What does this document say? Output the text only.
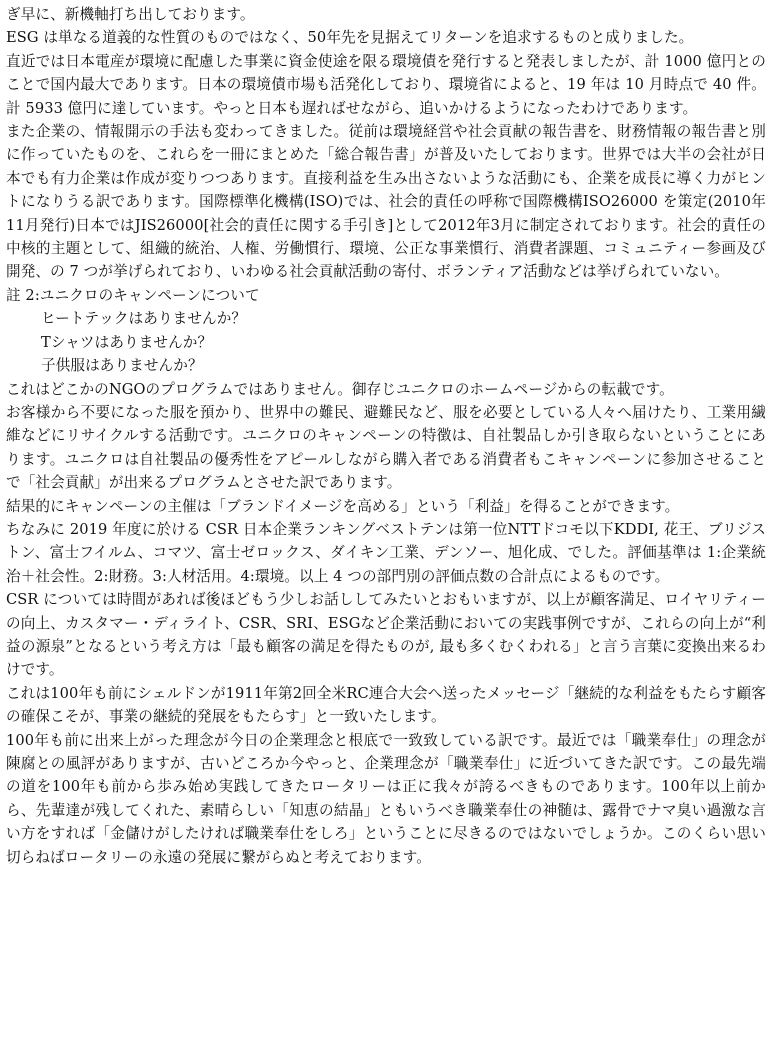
ぎ早に、新機軸打ち出しております。

ESG は単なる道義的な性質のものではなく、50年先を見据えてリターンを追求するものと成りました。

直近では日本電産が環境に配慮した事業に資金使途を限る環境債を発行すると発表しましたが、計 1000 億円とのことで国内最大であります。日本の環境債市場も活発化しており、環境省によると、19 年は 10 月時点で 40 件。計 5933 億円に達しています。やっと日本も遅ればせながら、追いかけるようになったわけであります。

また企業の、情報開示の手法も変わってきました。従前は環境経営や社会貢献の報告書を、財務情報の報告書と別に作っていたものを、これらを一冊にまとめた「総合報告書」が普及いたしております。世界では大半の会社が日本でも有力企業は作成が変りつつあります。直接利益を生み出さないような活動にも、企業を成長に導く力がヒントになりうる訳であります。国際標準化機構(ISO)では、社会的責任の呼称で国際機構ISO26000 を策定(2010年11月発行)日本ではJIS26000[社会的責任に関する手引き]として2012年3月に制定されております。社会的責任の中核的主題として、組織的統治、人権、労働慣行、環境、公正な事業慣行、消費者課題、コミュニティー参画及び開発、の 7 つが挙げられており、いわゆる社会貢献活動の寄付、ボランティア活動などは挙げられていない。

註 2:ユニクロのキャンペーンについて

ヒートテックはありませんか？

Tシャツはありませんか？

子供服はありませんか？

これはどこかのNGOのプログラムではありません。御存じユニクロのホームページからの転載です。

お客様から不要になった服を預かり、世界中の難民、避難民など、服を必要としている人々へ届けたり、工業用繊維などにリサイクルする活動です。ユニクロのキャンペーンの特徴は、自社製品しか引き取らないということにあります。ユニクロは自社製品の優秀性をアピールしながら購入者である消費者もこキャンペーンに参加させることで「社会貢献」が出来るプログラムとさせた訳であります。

結果的にキャンペーンの主催は「ブランドイメージを高める」という「利益」を得ることができます。

ちなみに 2019 年度に於ける CSR 日本企業ランキングベストテンは第一位NTTドコモ以下KDDI, 花王、ブリジストン、富士フイルム、コマツ、富士ゼロックス、ダイキン工業、デンソー、旭化成、でした。評価基準は 1:企業統治＋社会性。2:財務。3:人材活用。4:環境。以上 4 つの部門別の評価点数の合計点によるものです。

CSR については時間があれば後ほどもう少しお話ししてみたいとおもいますが、以上が顧客満足、ロイヤリティーの向上、カスタマー・ディライト、CSR、SRI、ESGなど企業活動においての実践事例ですが、これらの向上が“利益の源泉”となるという考え方は「最も顧客の満足を得たものが, 最も多くむくわれる」と言う言葉に変換出来るわけです。

これは100年も前にシェルドンが1911年第2回全米RC連合大会へ送ったメッセージ「継続的な利益をもたらす顧客の確保こそが、事業の継続的発展をもたらす」と一致いたします。

100年も前に出来上がった理念が今日の企業理念と根底で一致致している訳です。最近では「職業奉仕」の理念が陳腐との風評がありますが、古いどころか今やっと、企業理念が「職業奉仕」に近づいてきた訳です。この最先端の道を100年も前から歩み始め実践してきたロータリーは正に我々が誇るべきものであります。100年以上前から、先輩達が残してくれた、素晴らしい「知恵の結晶」ともいうべき職業奉仕の神髄は、露骨でナマ臭い過激な言い方をすれば「金儲けがしたければ職業奉仕をしろ」ということに尽きるのではないでしょうか。このくらい思い切らねばロータリーの永遠の発展に繋がらぬと考えております。
